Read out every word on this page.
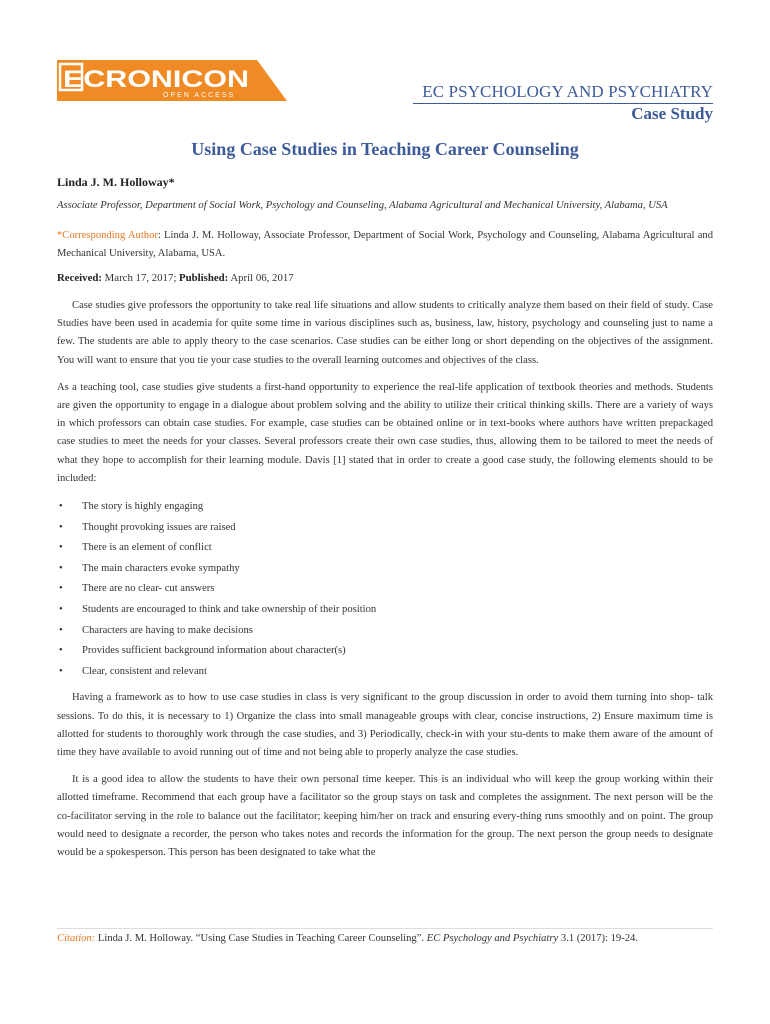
ECRONICON
OPEN ACCESS	EC PSYCHOLOGY AND PSYCHIATRY
Case Study
Using Case Studies in Teaching Career Counseling
Linda J. M. Holloway*
Associate Professor, Department of Social Work, Psychology and Counseling, Alabama Agricultural and Mechanical University, Alabama, USA
*Corresponding Author: Linda J. M. Holloway, Associate Professor, Department of Social Work, Psychology and Counseling, Alabama Agricultural and Mechanical University, Alabama, USA.
Received: March 17, 2017; Published: April 06, 2017

Case studies give professors the opportunity to take real life situations and allow students to critically analyze them based on their field of study. Case Studies have been used in academia for quite some time in various disciplines such as, business, law, history, psychology and counseling just to name a few. The students are able to apply theory to the case scenarios. Case studies can be either long or short depending on the objectives of the assignment. You will want to ensure that you tie your case studies to the overall learning outcomes and objectives of the class.

As a teaching tool, case studies give students a first-hand opportunity to experience the real-life application of textbook theories and methods. Students are given the opportunity to engage in a dialogue about problem solving and the ability to utilize their critical thinking skills. There are a variety of ways in which professors can obtain case studies. For example, case studies can be obtained online or in text-books where authors have written prepackaged case studies to meet the needs for your classes. Several professors create their own case studies, thus, allowing them to be tailored to meet the needs of what they hope to accomplish for their learning module. Davis [1] stated that in order to create a good case study, the following elements should to be included:

• The story is highly engaging
• Thought provoking issues are raised
• There is an element of conflict
• The main characters evoke sympathy
• There are no clear- cut answers
• Students are encouraged to think and take ownership of their position
• Characters are having to make decisions
• Provides sufficient background information about character(s)
• Clear, consistent and relevant

Having a framework as to how to use case studies in class is very significant to the group discussion in order to avoid them turning into shop- talk sessions. To do this, it is necessary to 1) Organize the class into small manageable groups with clear, concise instructions, 2) Ensure maximum time is allotted for students to thoroughly work through the case studies, and 3) Periodically, check-in with your stu-dents to make them aware of the amount of time they have available to avoid running out of time and not being able to properly analyze the case studies.

It is a good idea to allow the students to have their own personal time keeper. This is an individual who will keep the group working within their allotted timeframe. Recommend that each group have a facilitator so the group stays on task and completes the assignment. The next person will be the co-facilitator serving in the role to balance out the facilitator; keeping him/her on track and ensuring every-thing runs smoothly and on point. The group would need to designate a recorder, the person who takes notes and records the information for the group. The next person the group needs to designate would be a spokesperson. This person has been designated to take what the

Citation: Linda J. M. Holloway. “Using Case Studies in Teaching Career Counseling”. EC Psychology and Psychiatry 3.1 (2017): 19-24.
